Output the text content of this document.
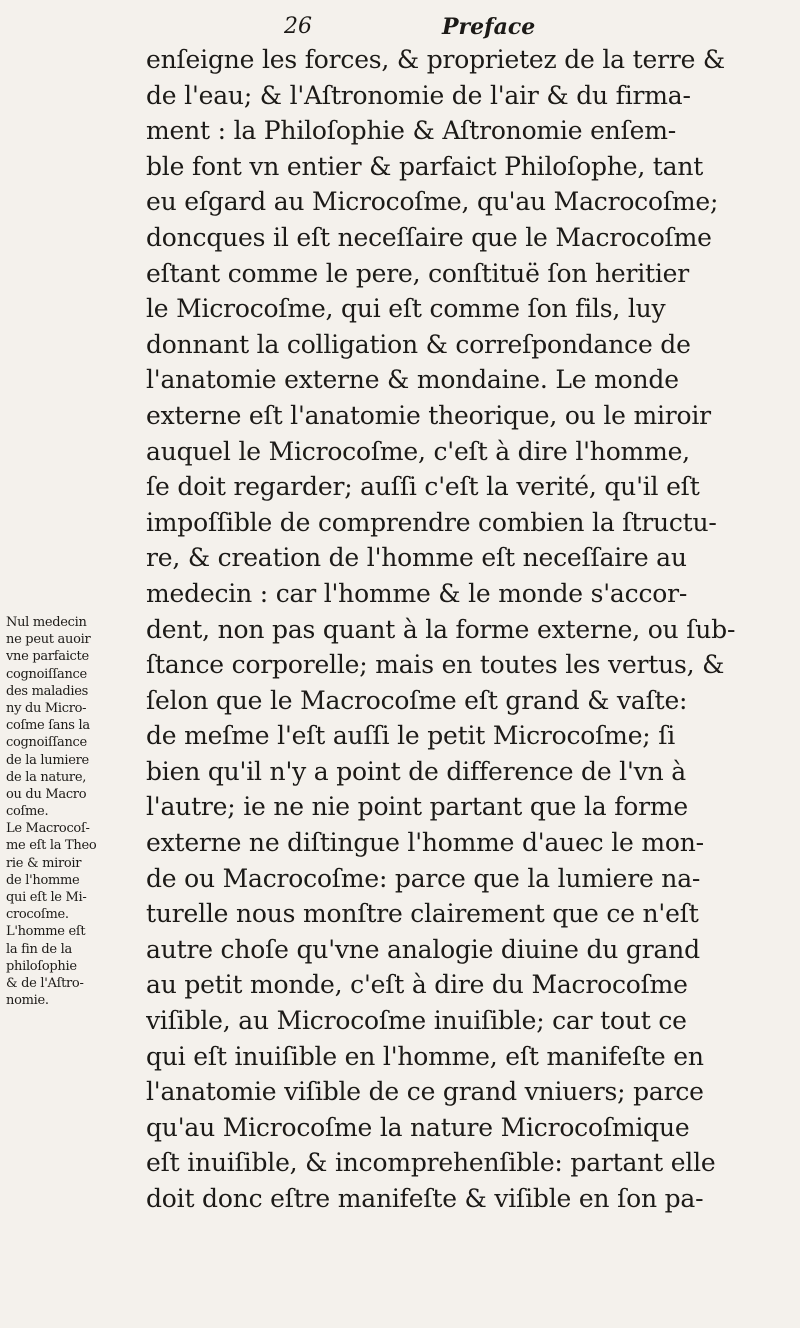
26	Preface
Nul medecin
ne peut auoir
vne parfaicte
cognoiſſance
des maladies
ny du Micro-
coſme ſans la
cognoiſſance
de la lumiere
de la nature,
ou du Macro
coſme.
Le Macrocoſ-
me eſt la Theo
rie & miroir
de l'homme
qui eſt le Mi-
crocoſme.
L'homme eſt
la fin de la
philoſophie
& de l'Aſtro-
nomie.
enſeigne les forces, & proprietez de la terre &
de l'eau; & l'Aſtronomie de l'air & du firma-
ment : la Philoſophie & Aſtronomie enſem-
ble font vn entier & parfaict Philoſophe, tant
eu eſgard au Microcoſme, qu'au Macrocoſme;
doncques il eſt neceſſaire que le Macrocoſme
eſtant comme le pere, conſtituë ſon heritier
le Microcoſme, qui eſt comme ſon fils, luy
donnant la colligation & correſpondance de
l'anatomie externe & mondaine. Le monde
externe eſt l'anatomie theorique, ou le miroir
auquel le Microcoſme, c'eſt à dire l'homme,
ſe doit regarder; auſſi c'eſt la verité, qu'il eſt
impoſſible de comprendre combien la ſtructu-
re, & creation de l'homme eſt neceſſaire au
medecin : car l'homme & le monde s'accor-
dent, non pas quant à la forme externe, ou ſub-
ſtance corporelle; mais en toutes les vertus, &
ſelon que le Macrocoſme eſt grand & vaſte:
de meſme l'eſt auſſi le petit Microcoſme; ſi
bien qu'il n'y a point de difference de l'vn à
l'autre; ie ne nie point partant que la forme
externe ne diſtingue l'homme d'auec le mon-
de ou Macrocoſme: parce que la lumiere na-
turelle nous monſtre clairement que ce n'eſt
autre choſe qu'vne analogie diuine du grand
au petit monde, c'eſt à dire du Macrocoſme
viſible, au Microcoſme inuiſible; car tout ce
qui eſt inuiſible en l'homme, eſt manifeſte en
l'anatomie viſible de ce grand vniuers; parce
qu'au Microcoſme la nature Microcoſmique
eſt inuiſible, & incomprehenſible: partant elle
doit donc eſtre manifeſte & viſible en ſon pa-
